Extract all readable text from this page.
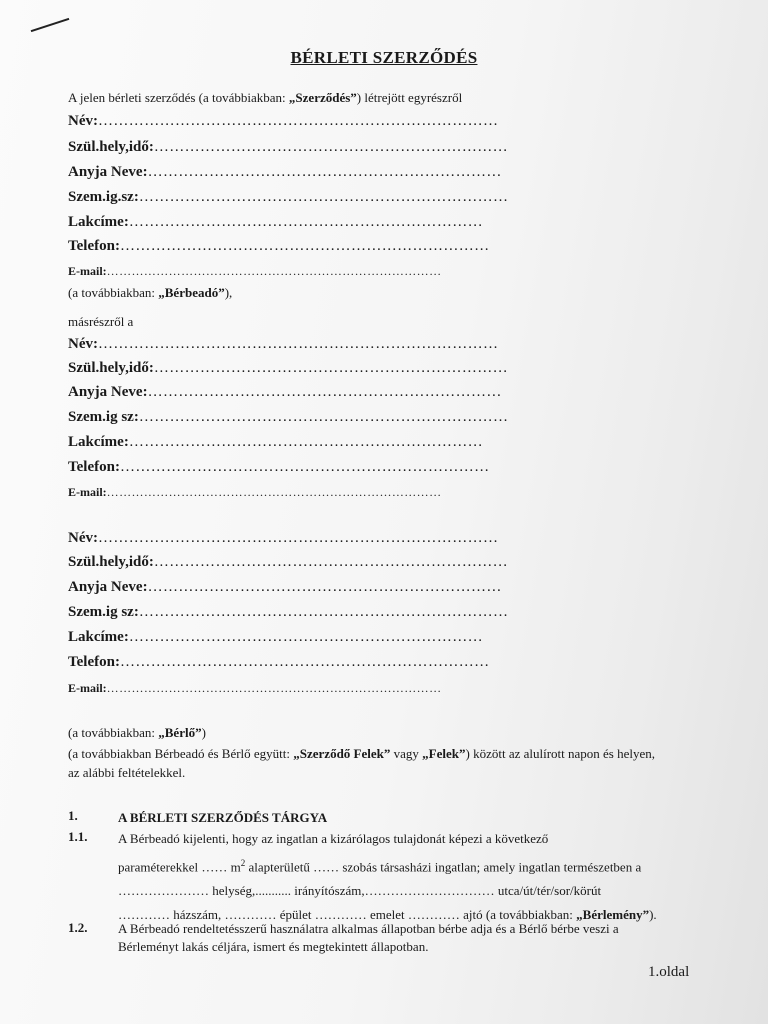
BÉRLETI SZERZŐDÉS
A jelen bérleti szerződés (a továbbiakban: „Szerződés”) létrejött egyrészről
Név:……………………………………………………………………
Szül.hely,idő:……………………………………………………………
Anyja Neve:……………………………………………………………
Szem.ig.sz:………………………………………………………………
Lakcíme:……………………………………………………………
Telefon:………………………………………………………………
E-mail:………………………………………………………………………
(a továbbiakban: „Bérbeadó”),
másrészről a
Név:……………………………………………………………………
Szül.hely,idő:……………………………………………………………
Anyja Neve:……………………………………………………………
Szem.ig sz:………………………………………………………………
Lakcíme:……………………………………………………………
Telefon:………………………………………………………………
E-mail:………………………………………………………………………
Név:……………………………………………………………………
Szül.hely,idő:……………………………………………………………
Anyja Neve:……………………………………………………………
Szem.ig sz:………………………………………………………………
Lakcíme:……………………………………………………………
Telefon:………………………………………………………………
E-mail:………………………………………………………………………
(a továbbiakban: „Bérlő”)
(a továbbiakban Bérbeadó és Bérlő együtt: „Szerződő Felek” vagy „Felek”) között az alulírott napon és helyen,
az alábbi feltételekkel.
1.	A BÉRLETI SZERZŐDÉS TÁRGYA
1.1. A Bérbeadó kijelenti, hogy az ingatlan a kizárólagos tulajdonát képezi a következő
paraméterekkel …… $m^2$ alapterületű …… szobás társasházi ingatlan; amely ingatlan természetben a
………………… helység,........... irányítószám,………………………… utca/út/tér/sor/körút
………… házszám, ………… épület ………… emelet ………… ajtó (a továbbiakban: „Bérlemény”).
1.2. A Bérbeadó rendeltetésszerű használatra alkalmas állapotban bérbe adja és a Bérlő bérbe veszi a
Bérleményt lakás céljára, ismert és megtekintett állapotban.
1.oldal
